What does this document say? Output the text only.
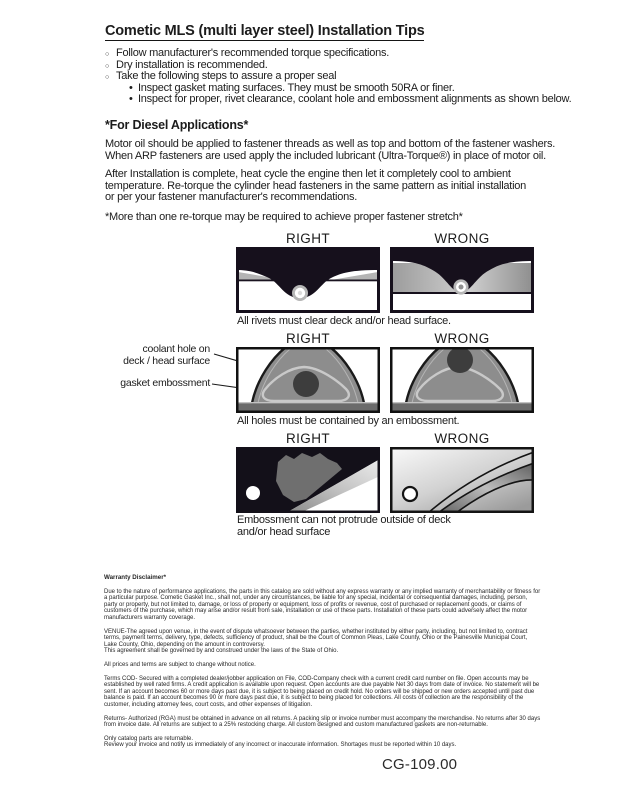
Cometic MLS (multi layer steel) Installation Tips
○ Follow manufacturer's recommended torque specifications.
○ Dry installation is recommended.
○ Take the following steps to assure a proper seal
• Inspect gasket mating surfaces. They must be smooth 50RA or finer.
• Inspect for proper, rivet clearance, coolant hole and embossment alignments as shown below.
*For Diesel Applications*
Motor oil should be applied to fastener threads as well as top and bottom of the fastener washers.
When ARP fasteners are used apply the included lubricant (Ultra-Torque®) in place of motor oil.
After Installation is complete, heat cycle the engine then let it completely cool to ambient
temperature. Re-torque the cylinder head fasteners in the same pattern as initial installation
or per your fastener manufacturer's recommendations.
*More than one re-torque may be required to achieve proper fastener stretch*
RIGHT	WRONG
All rivets must clear deck and/or head surface.
coolant hole on
deck / head surface
gasket embossment
RIGHT	WRONG
All holes must be contained by an embossment.
RIGHT	WRONG
Embossment can not protrude outside of deck
and/or head surface

Warranty Disclaimer*

Due to the nature of performance applications, the parts in this catalog are sold without any express warranty or any implied warranty of merchantability or fitness for a particular purpose. Cometic Gasket Inc., shall not, under any circumstances, be liable for any special, incidental or consequential damages, including, person, party or property, but not limited to, damage, or loss of property or equipment, loss of profits or revenue, cost of purchased or replacement goods, or claims of customers of the purchase, which may arise and/or result from sale, installation or use of these parts. Installation of these parts could adversely affect the motor manufacturers warranty coverage.

VENUE-The agreed upon venue, in the event of dispute whatsoever between the parties, whether instituted by either party, including, but not limited to, contract terms, payment terms, delivery, type, defects, sufficiency of product, shall be the Court of Common Pleas, Lake County, Ohio or the Painesville Municipal Court, Lake County, Ohio, depending on the amount in controversy.

This agreement shall be governed by and construed under the laws of the State of Ohio.

All prices and terms are subject to change without notice.

Terms COD- Secured with a completed dealer/jobber application on File, COD-Company check with a current credit card number on file. Open accounts may be established by well rated firms. A credit application is available upon request. Open accounts are due payable Net 30 days from date of invoice. No statement will be sent. If an account becomes 60 or more days past due, it is subject to being placed on credit hold. No orders will be shipped or new orders accepted until past due balance is paid. If an account becomes 90 or more days past due, it is subject to being placed for collections. All costs of collection are the responsibility of the customer, including attorney fees, court costs, and other expenses of litigation.

Returns- Authorized (RGA) must be obtained in advance on all returns. A packing slip or invoice number must accompany the merchandise. No returns after 30 days from invoice date. All returns are subject to a 25% restocking charge. All custom designed and custom manufactured gaskets are non-returnable.

Only catalog parts are returnable.

Review your invoice and notify us immediately of any incorrect or inaccurate information. Shortages must be reported within 10 days.

CG-109.00
